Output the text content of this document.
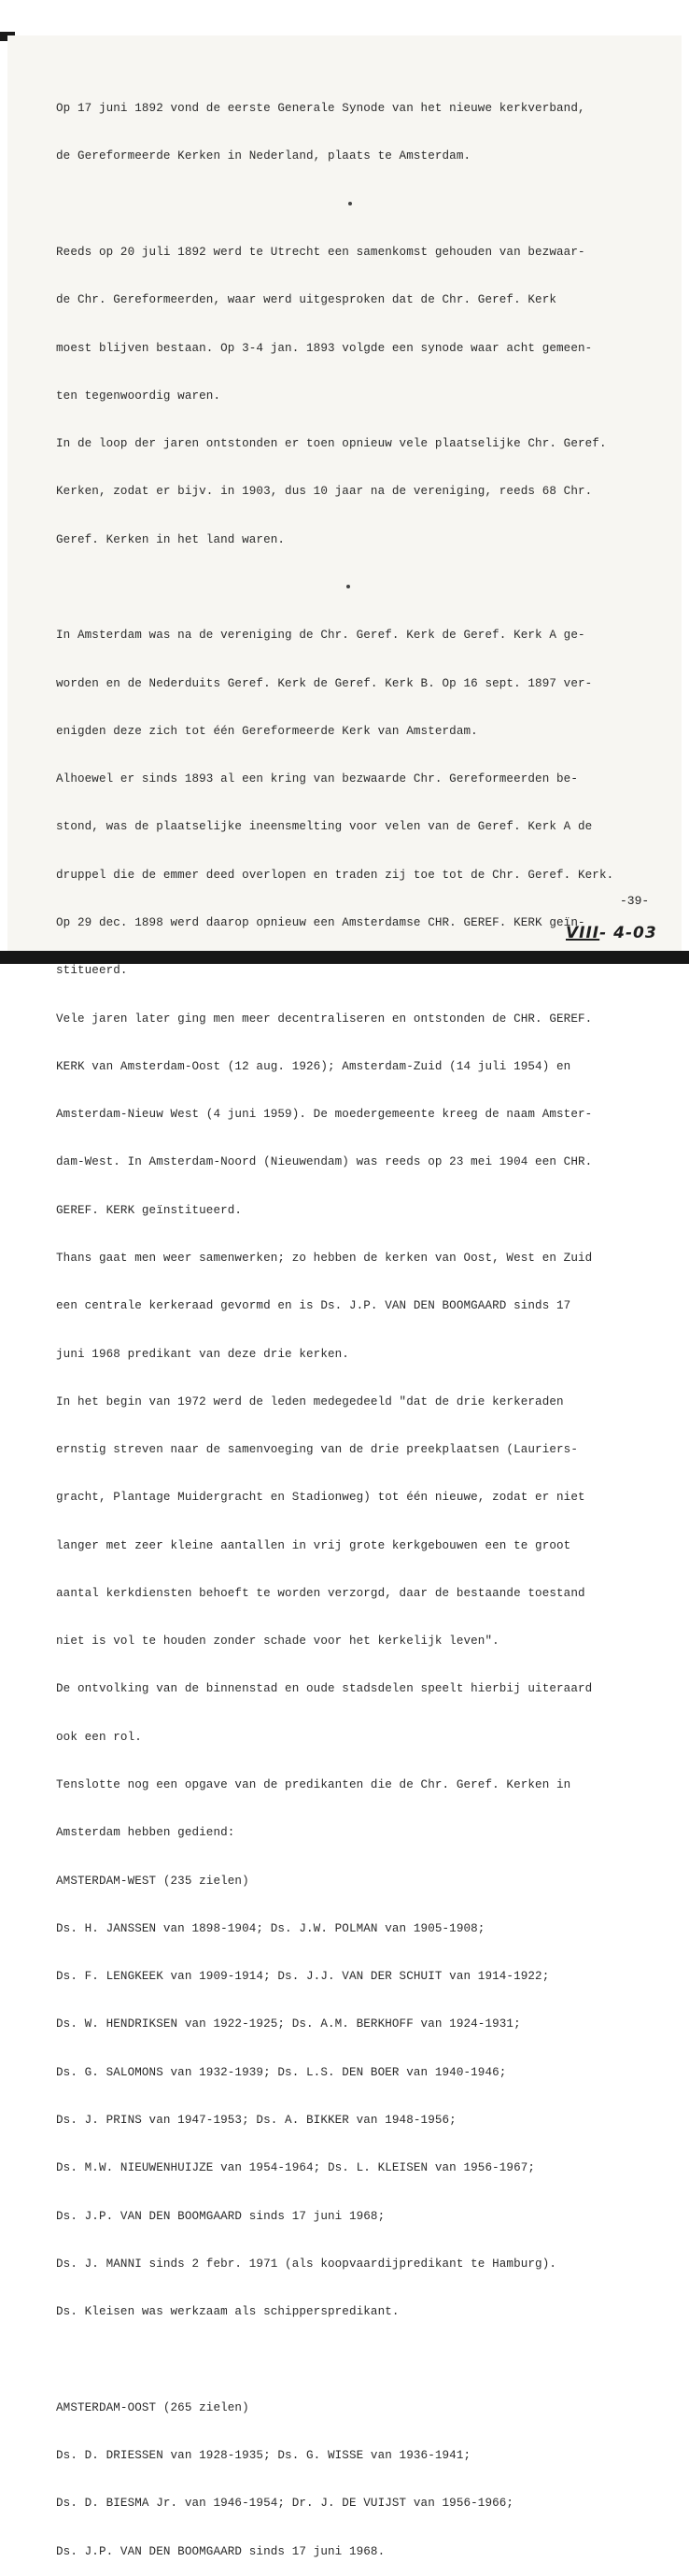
Op 17 juni 1892 vond de eerste Generale Synode van het nieuwe kerkverband,

de Gereformeerde Kerken in Nederland, plaats te Amsterdam.

Reeds op 20 juli 1892 werd te Utrecht een samenkomst gehouden van bezwaar-

de Chr. Gereformeerden, waar werd uitgesproken dat de Chr. Geref. Kerk

moest blijven bestaan. Op 3-4 jan. 1893 volgde een synode waar acht gemeen-

ten tegenwoordig waren.

In de loop der jaren ontstonden er toen opnieuw vele plaatselijke Chr. Geref.

Kerken, zodat er bijv. in 1903, dus 10 jaar na de vereniging, reeds 68 Chr.

Geref. Kerken in het land waren.

In Amsterdam was na de vereniging de Chr. Geref. Kerk de Geref. Kerk A ge-

worden en de Nederduits Geref. Kerk de Geref. Kerk B. Op 16 sept. 1897 ver-

enigden deze zich tot één Gereformeerde Kerk van Amsterdam.

Alhoewel er sinds 1893 al een kring van bezwaarde Chr. Gereformeerden be-

stond, was de plaatselijke ineensmelting voor velen van de Geref. Kerk A de

druppel die de emmer deed overlopen en traden zij toe tot de Chr. Geref. Kerk.

Op 29 dec. 1898 werd daarop opnieuw een Amsterdamse CHR. GEREF. KERK geïn-

stitueerd.

Vele jaren later ging men meer decentraliseren en ontstonden de CHR. GEREF.

KERK van Amsterdam-Oost (12 aug. 1926); Amsterdam-Zuid (14 juli 1954) en

Amsterdam-Nieuw West (4 juni 1959). De moedergemeente kreeg de naam Amster-

dam-West. In Amsterdam-Noord (Nieuwendam) was reeds op 23 mei 1904 een CHR.

GEREF. KERK geïnstitueerd.

Thans gaat men weer samenwerken; zo hebben de kerken van Oost, West en Zuid

een centrale kerkeraad gevormd en is Ds. J.P. VAN DEN BOOMGAARD sinds 17

juni 1968 predikant van deze drie kerken.

In het begin van 1972 werd de leden medegedeeld "dat de drie kerkeraden

ernstig streven naar de samenvoeging van de drie preekplaatsen (Lauriers-

gracht, Plantage Muidergracht en Stadionweg) tot één nieuwe, zodat er niet

langer met zeer kleine aantallen in vrij grote kerkgebouwen een te groot

aantal kerkdiensten behoeft te worden verzorgd, daar de bestaande toestand

niet is vol te houden zonder schade voor het kerkelijk leven".

De ontvolking van de binnenstad en oude stadsdelen speelt hierbij uiteraard

ook een rol.

Tenslotte nog een opgave van de predikanten die de Chr. Geref. Kerken in

Amsterdam hebben gediend:

AMSTERDAM-WEST (235 zielen)

Ds. H. JANSSEN van 1898-1904; Ds. J.W. POLMAN van 1905-1908;

Ds. F. LENGKEEK van 1909-1914; Ds. J.J. VAN DER SCHUIT van 1914-1922;

Ds. W. HENDRIKSEN van 1922-1925; Ds. A.M. BERKHOFF van 1924-1931;

Ds. G. SALOMONS van 1932-1939; Ds. L.S. DEN BOER van 1940-1946;

Ds. J. PRINS van 1947-1953; Ds. A. BIKKER van 1948-1956;

Ds. M.W. NIEUWENHUIJZE van 1954-1964; Ds. L. KLEISEN van 1956-1967;

Ds. J.P. VAN DEN BOOMGAARD sinds 17 juni 1968;

Ds. J. MANNI sinds 2 febr. 1971 (als koopvaardijpredikant te Hamburg).

Ds. Kleisen was werkzaam als schipperspredikant.

AMSTERDAM-OOST (265 zielen)

Ds. D. DRIESSEN van 1928-1935; Ds. G. WISSE van 1936-1941;

Ds. D. BIESMA Jr. van 1946-1954; Dr. J. DE VUIJST van 1956-1966;

Ds. J.P. VAN DEN BOOMGAARD sinds 17 juni 1968.

-39-
VIII- 4-03
